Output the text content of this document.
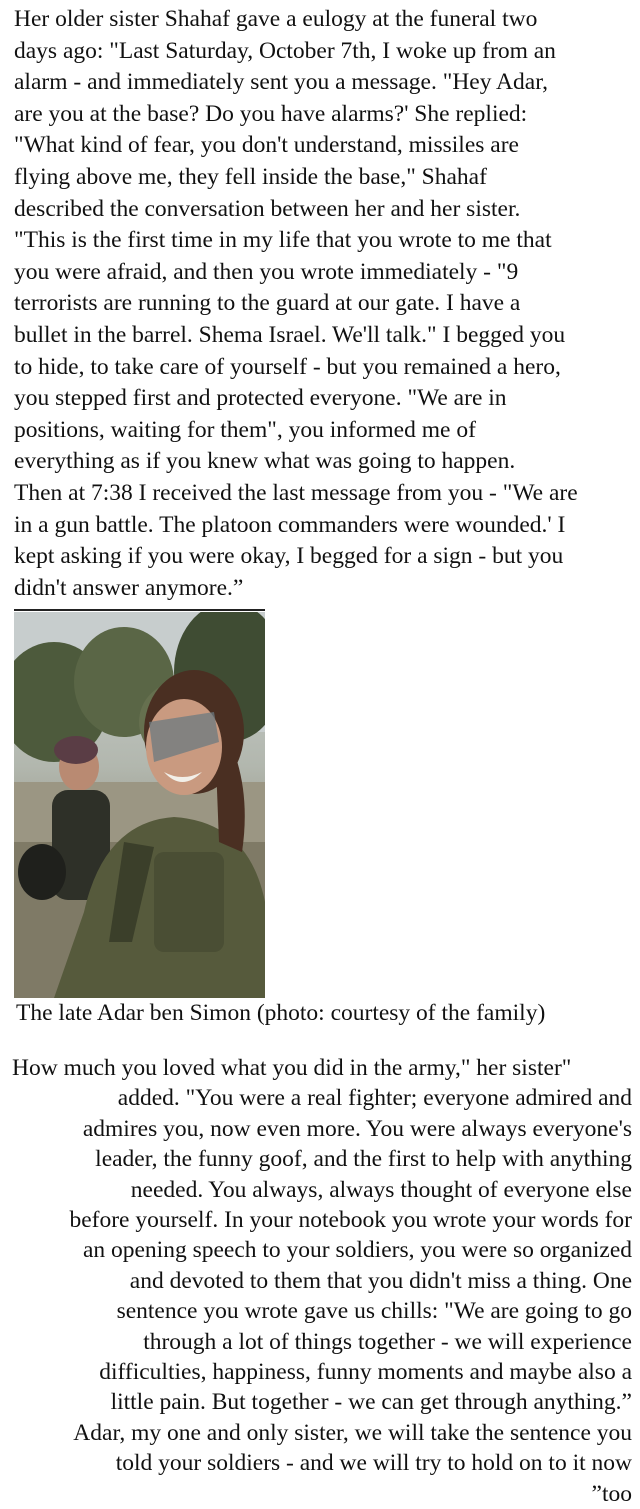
Her older sister Shahaf gave a eulogy at the funeral two
days ago: "Last Saturday, October 7th, I woke up from an
alarm - and immediately sent you a message. "Hey Adar,
are you at the base? Do you have alarms?' She replied:
"What kind of fear, you don't understand, missiles are
flying above me, they fell inside the base," Shahaf
described the conversation between her and her sister.
"This is the first time in my life that you wrote to me that
you were afraid, and then you wrote immediately - "9
terrorists are running to the guard at our gate. I have a
bullet in the barrel. Shema Israel. We'll talk." I begged you
to hide, to take care of yourself - but you remained a hero,
you stepped first and protected everyone. "We are in
positions, waiting for them", you informed me of
everything as if you knew what was going to happen.
Then at 7:38 I received the last message from you - "We are
in a gun battle. The platoon commanders were wounded.' I
kept asking if you were okay, I begged for a sign - but you
didn't answer anymore.”
The late Adar ben Simon (photo: courtesy of the family)
How much you loved what you did in the army," her sister"
added. "You were a real fighter; everyone admired and
admires you, now even more. You were always everyone's
leader, the funny goof, and the first to help with anything
needed. You always, always thought of everyone else
before yourself. In your notebook you wrote your words for
an opening speech to your soldiers, you were so organized
and devoted to them that you didn't miss a thing. One
sentence you wrote gave us chills: "We are going to go
through a lot of things together - we will experience
difficulties, happiness, funny moments and maybe also a
little pain. But together - we can get through anything.”
Adar, my one and only sister, we will take the sentence you
told your soldiers - and we will try to hold on to it now
”too
